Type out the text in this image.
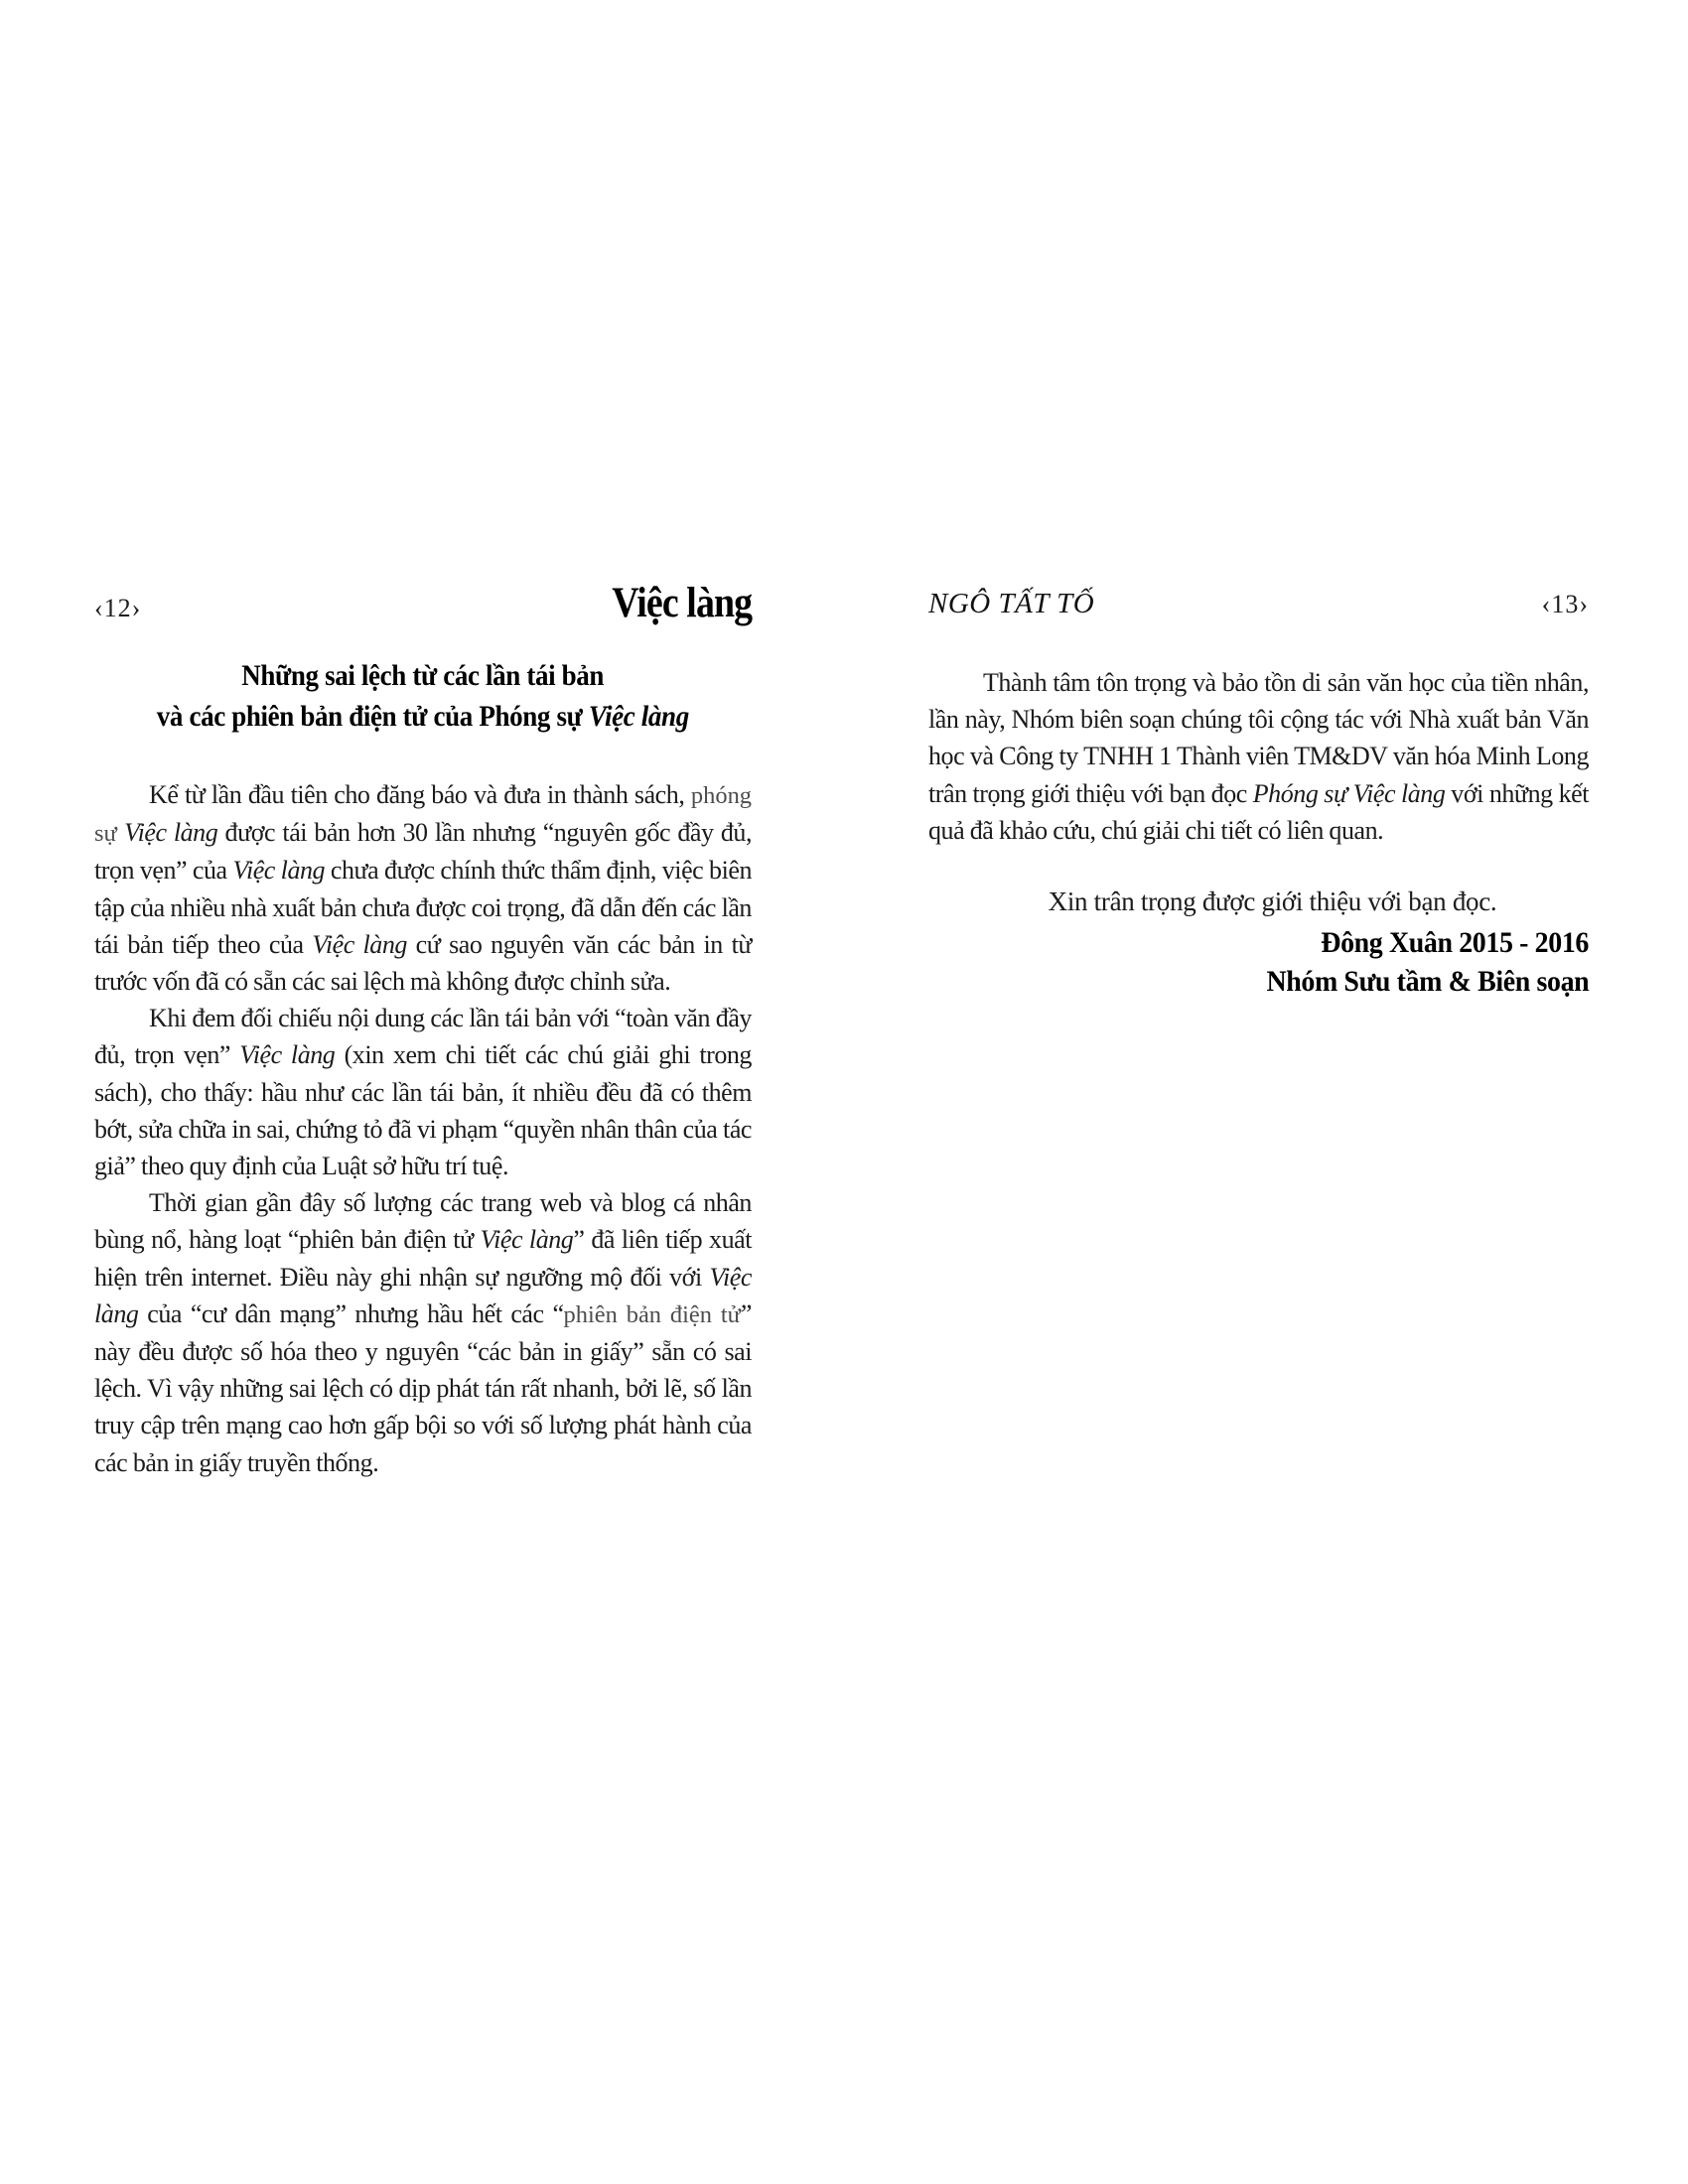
‹12›	Việc làng
Những sai lệch từ các lần tái bản
và các phiên bản điện tử của Phóng sự Việc làng

Kể từ lần đầu tiên cho đăng báo và đưa in thành sách, phóng sự Việc làng được tái bản hơn 30 lần nhưng “nguyên gốc đầy đủ, trọn vẹn” của Việc làng chưa được chính thức thẩm định, việc biên tập của nhiều nhà xuất bản chưa được coi trọng, đã dẫn đến các lần tái bản tiếp theo của Việc làng cứ sao nguyên văn các bản in từ trước vốn đã có sẵn các sai lệch mà không được chỉnh sửa.

Khi đem đối chiếu nội dung các lần tái bản với “toàn văn đầy đủ, trọn vẹn” Việc làng (xin xem chi tiết các chú giải ghi trong sách), cho thấy: hầu như các lần tái bản, ít nhiều đều đã có thêm bớt, sửa chữa in sai, chứng tỏ đã vi phạm “quyền nhân thân của tác giả” theo quy định của Luật sở hữu trí tuệ.

Thời gian gần đây số lượng các trang web và blog cá nhân bùng nổ, hàng loạt “phiên bản điện tử Việc làng” đã liên tiếp xuất hiện trên internet. Điều này ghi nhận sự ngưỡng mộ đối với Việc làng của “cư dân mạng” nhưng hầu hết các “phiên bản điện tử” này đều được số hóa theo y nguyên “các bản in giấy” sẵn có sai lệch. Vì vậy những sai lệch có dịp phát tán rất nhanh, bởi lẽ, số lần truy cập trên mạng cao hơn gấp bội so với số lượng phát hành của các bản in giấy truyền thống.

NGÔ TẤT TỐ	‹13›

Thành tâm tôn trọng và bảo tồn di sản văn học của tiền nhân, lần này, Nhóm biên soạn chúng tôi cộng tác với Nhà xuất bản Văn học và Công ty TNHH 1 Thành viên TM&DV văn hóa Minh Long trân trọng giới thiệu với bạn đọc Phóng sự Việc làng với những kết quả đã khảo cứu, chú giải chi tiết có liên quan.

Xin trân trọng được giới thiệu với bạn đọc.
Đông Xuân 2015 - 2016
Nhóm Sưu tầm & Biên soạn
